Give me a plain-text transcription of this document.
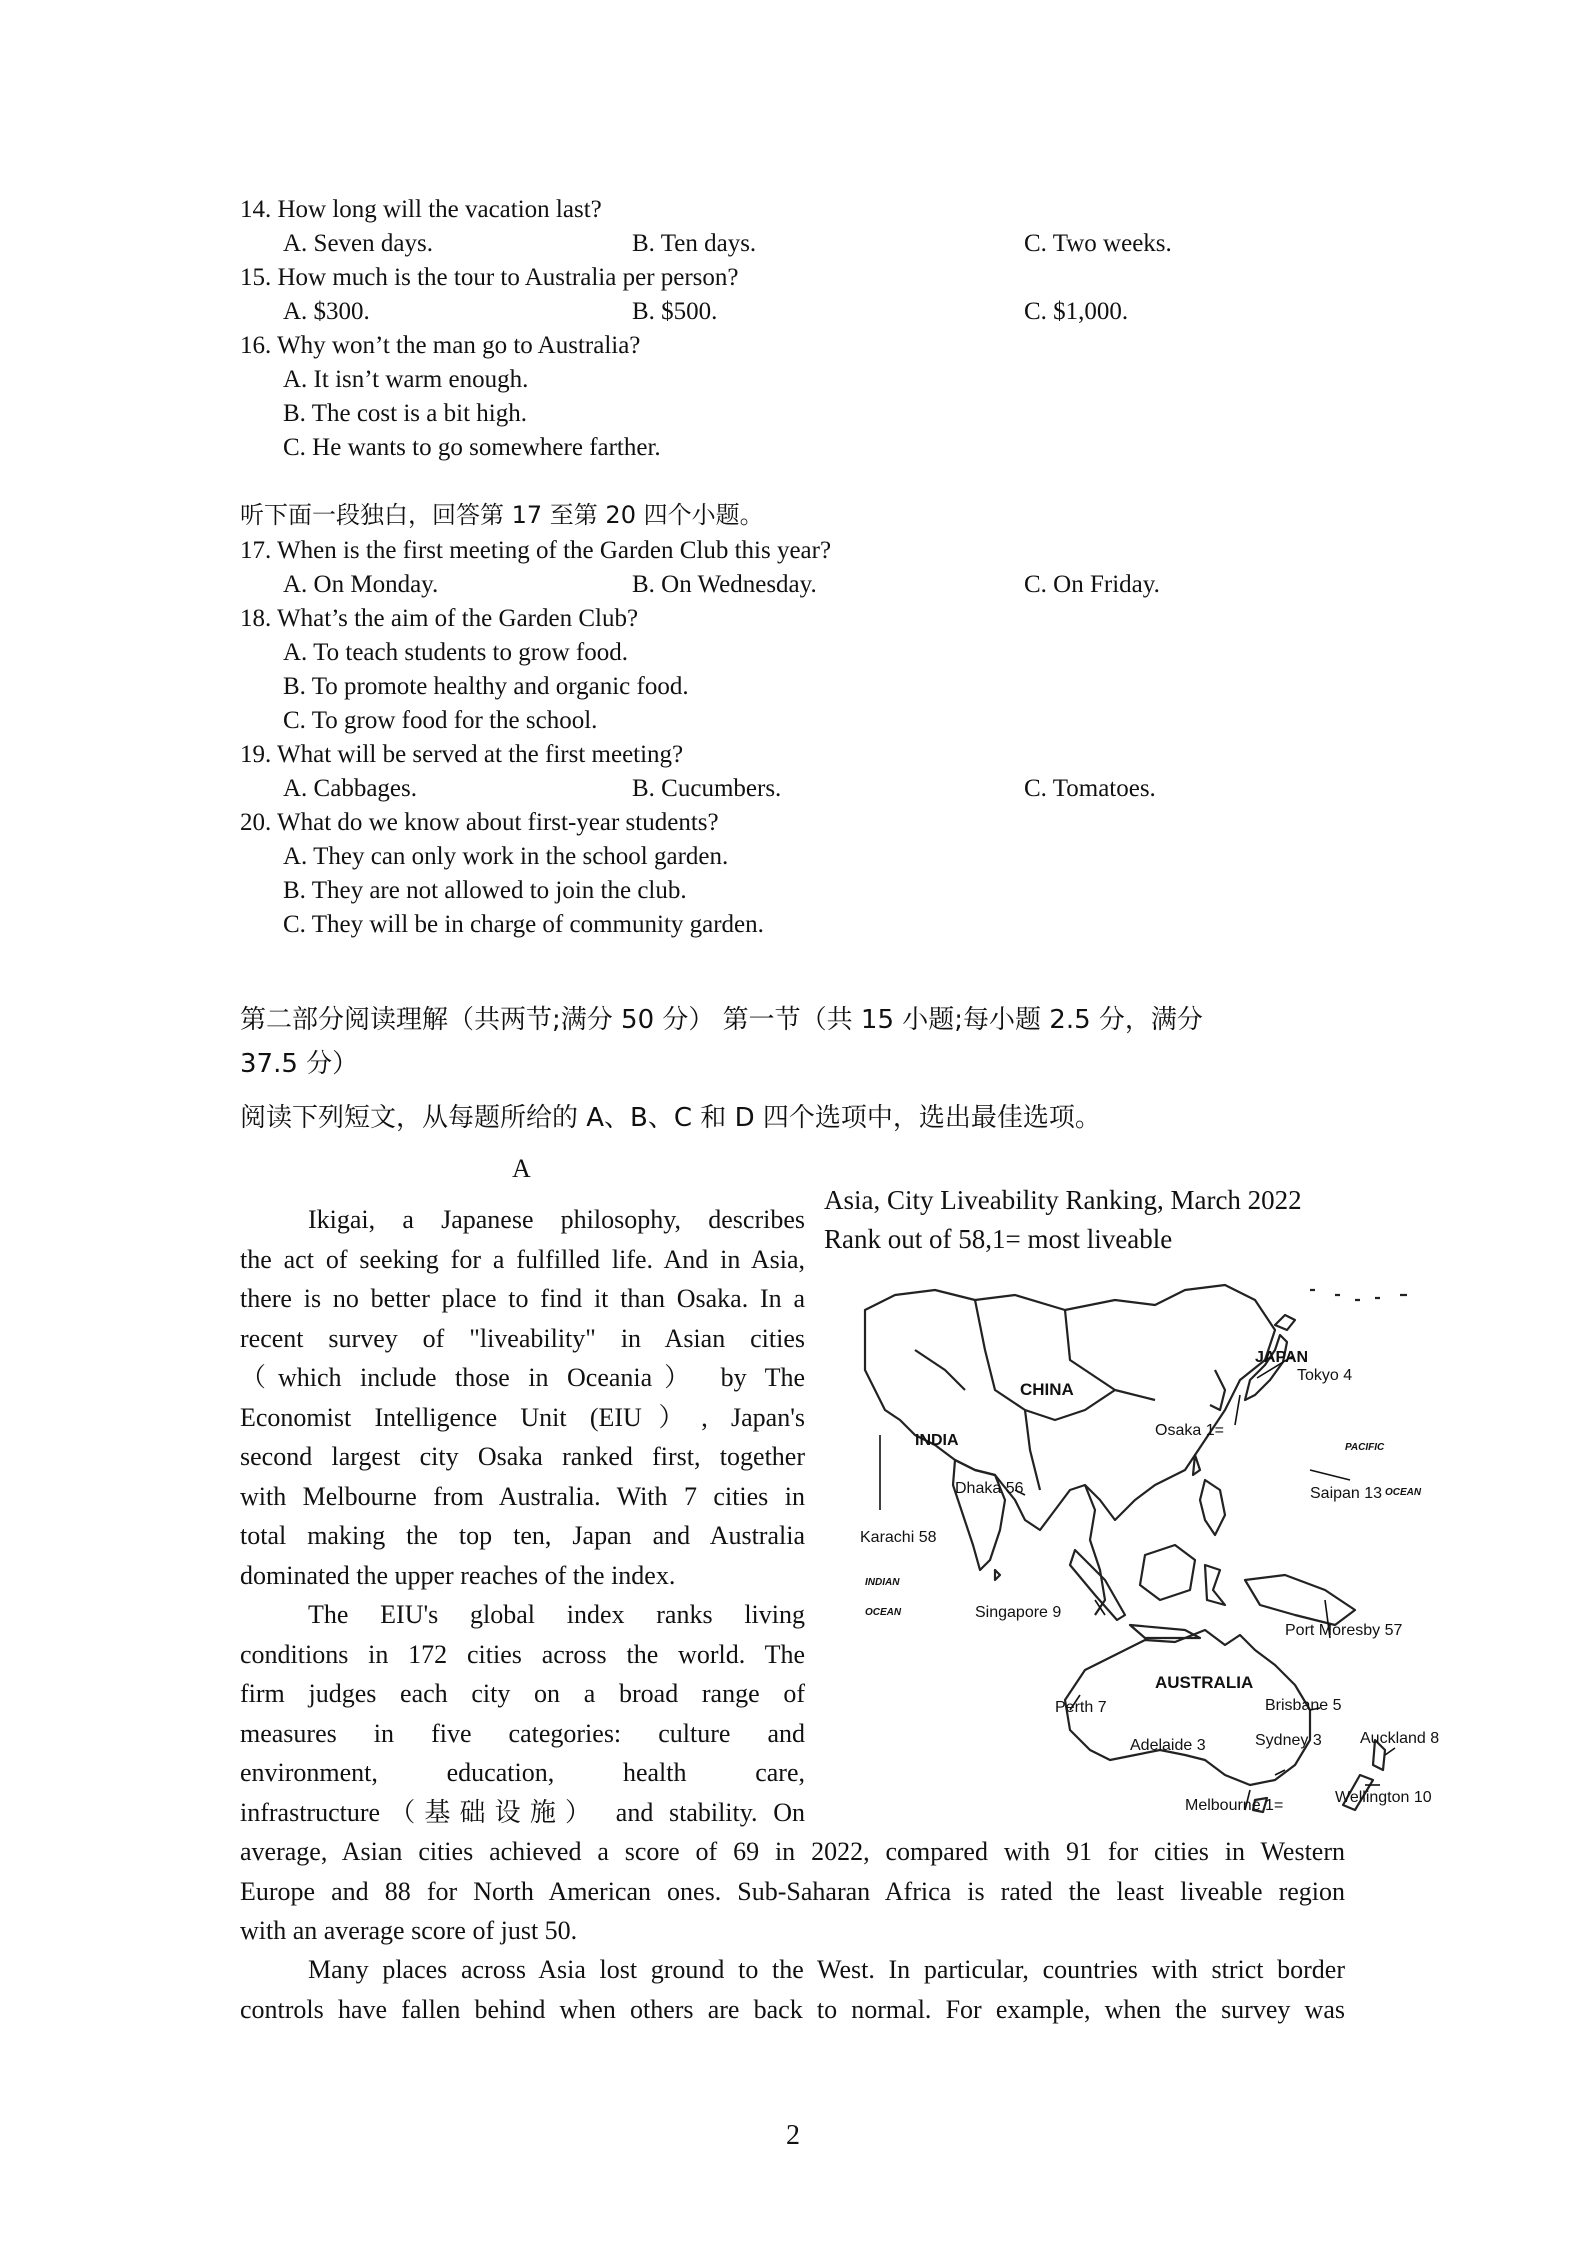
14. How long will the vacation last?
A. Seven days.	B. Ten days.	C. Two weeks.
15. How much is the tour to Australia per person?
A. $300.	B. $500.	C. $1,000.
16. Why won’t the man go to Australia?
A. It isn’t warm enough.
B. The cost is a bit high.
C. He wants to go somewhere farther.
听下面一段独白，回答第 17 至第 20 四个小题。
17. When is the first meeting of the Garden Club this year?
A. On Monday.	B. On Wednesday.	C. On Friday.
18. What’s the aim of the Garden Club?
A. To teach students to grow food.
B. To promote healthy and organic food.
C. To grow food for the school.
19. What will be served at the first meeting?
A. Cabbages.	B. Cucumbers.	C. Tomatoes.
20. What do we know about first-year students?
A. They can only work in the school garden.
B. They are not allowed to join the club.
C. They will be in charge of community garden.
第二部分阅读理解（共两节;满分 50 分） 第一节（共 15 小题;每小题 2.5 分，满分
37.5 分）
阅读下列短文，从每题所给的 A、B、C 和 D 四个选项中，选出最佳选项。
A
Asia, City Liveability Ranking, March 2022
Rank out of 58,1= most liveable
Ikigai, a Japanese philosophy, describes
the act of seeking for a fulfilled life. And in Asia,
there is no better place to find it than Osaka. In a
recent survey of "liveability" in Asian cities
（which include those in Oceania） by The
Economist Intelligence Unit (EIU）, Japan's
second largest city Osaka ranked first, together
with Melbourne from Australia. With 7 cities in
total making the top ten, Japan and Australia
dominated the upper reaches of the index.
The EIU's global index ranks living
conditions in 172 cities across the world. The
firm judges each city on a broad range of
measures in five categories: culture and
environment, education, health care,
infrastructure（基础设施） and stability. On
average, Asian cities achieved a score of 69 in 2022, compared with 91 for cities in Western
Europe and 88 for North American ones. Sub-Saharan Africa is rated the least liveable region
with an average score of just 50.
Many places across Asia lost ground to the West. In particular, countries with strict border
controls have fallen behind when others are back to normal. For example, when the survey was
CHINA
INDIA
JAPAN
AUSTRALIA
PACIFIC
OCEAN
INDIAN
OCEAN
Tokyo 4
Osaka 1=
Dhaka 56
Karachi 58
Saipan 13
Singapore 9
Port Moresby 57
Perth 7	Brisbane 5
Adelaide 3	Sydney 3 Auckland 8
Melbourne 1=	Wellington 10
2
